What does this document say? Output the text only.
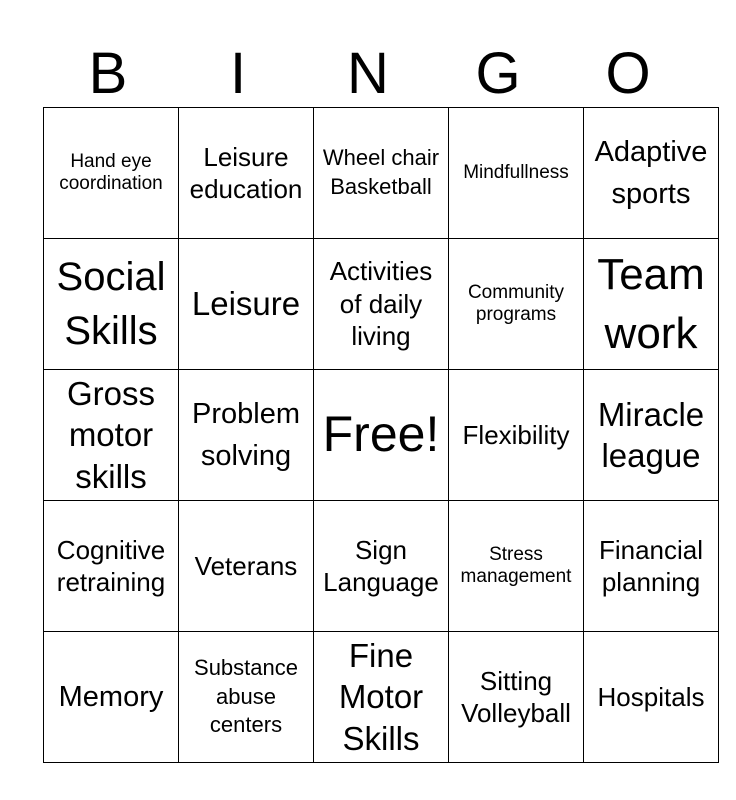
B	I	N	G	O
Hand eye coordination	Leisure education	Wheel chair Basketball	Mindfullness	Adaptive sports
Social Skills	Leisure	Activities of daily living	Community programs	Team work
Gross motor skills	Problem solving	Free!	Flexibility	Miracle league
Cognitive retraining	Veterans	Sign Language	Stress management	Financial planning
Memory	Substance abuse centers	Fine Motor Skills	Sitting Volleyball	Hospitals
